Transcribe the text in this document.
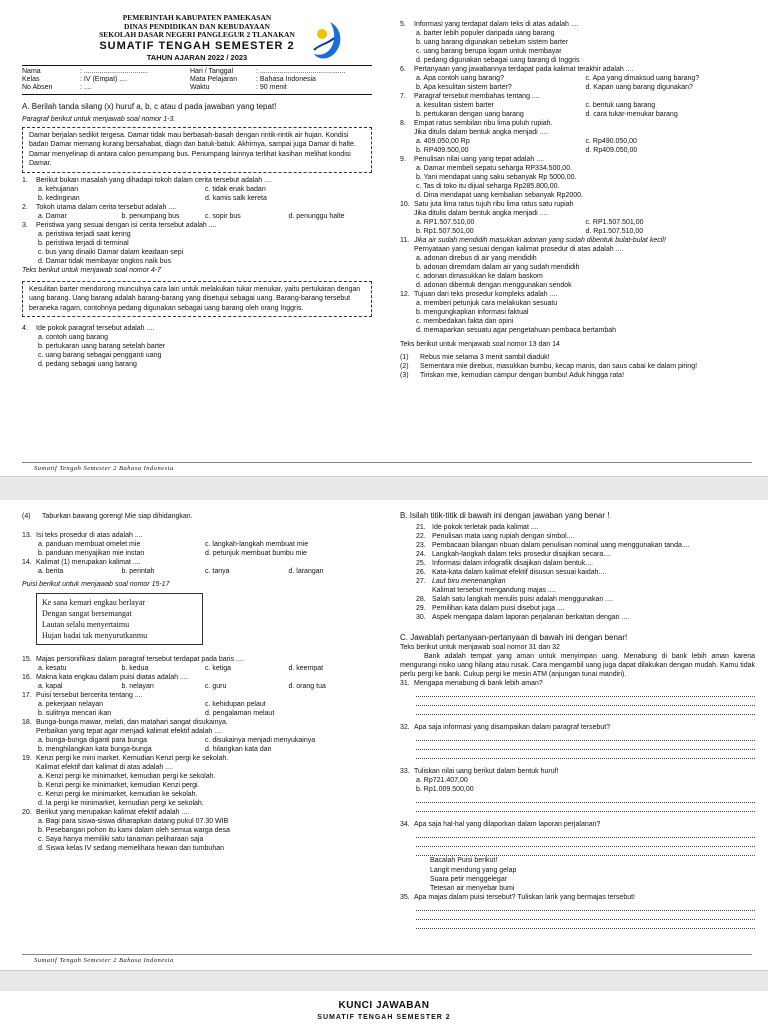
PEMERINTAH KABUPATEN PAMEKASAN
DINAS PENDIDIKAN DAN KEBUDAYAAN
SEKOLAH DASAR NEGERI PANGLEGUR 2 TLANAKAN
SUMATIF TENGAH SEMESTER 2
TAHUN AJARAN 2022 / 2023
Nama	: .................................	Hari / Tanggal	: ............................................
Kelas	: IV (Empat) ....	Mata Pelajaran	: Bahasa Indonesia
No Absen	: ....	Waktu	: 90 menit
A. Berilah tanda silang (x) huruf a, b, c atau d pada jawaban yang tepat!
Paragraf berikut untuk menjawab soal nomor 1-3.
Damar berjalan sedikit tergesa. Damar tidak mau berbasah-basah dengan rintik-rintik air hujan. Kondisi badan Damar memang kurang bersahabat, diagn dan batuk-batuk. Akhirnya, sampai juga Damar di halte. Damar menyelinap di antara calon penumpang bus. Penumpang lainnya terlihat kasihan melihat kondisi Damar.
1.	Berikut bukan masalah yang dihadapi tokoh dalam cerita tersebut adalah ....
a. kehujanan	c. tidak enak badan
b. kedinginan	d. kamis salk kereta
2.	Tokoh utama dalam cerita tersebut adalah ....
a. Damar	b. penumpang bus	c. sopir bus	d. penunggu halte
3.	Peristiwa yang sesuai dengan isi cerita tersebut adalah ....
a. peristiwa terjadi saat kering
b. peristiwa terjadi di terminal
c. bus yang dinaiki Damar dalam keadaan sepi
d. Damar tidak membayar ongkos naik bus
Teks berikut untuk menjawab soal nomor 4-7
Kesulitan barter mendorong munculnya cara lain untuk melakukan tukar menukar, yaitu pertukaran dengan uang barang. Uang barang adalah barang-barang yang disetujui sebagai uang. Barang-barang tersebut beraneka ragam, contohnya pedang digunakan sebagai uang barang oleh orang Inggris.
4.	Ide pokok paragraf tersebut adalah ....
a. contoh uang barang
b. pertukaran uang barang setelah barter
c. uang barang sebagai pengganti uang
d. pedang sebagai uang barang
5.	Informasi yang terdapat dalam teks di atas adalah ....
a. barter lebih populer daripada uang barang
b. uang barang digunakan sebelum sistem barter
c. uang barang berupa logam untuk membayar
d. pedang digunakan sebagai uang barang di Inggris
6.	Pertanyaan yang jawabannya terdapat pada kalimat terakhir adalah ....
a. Apa contoh uang barang?	c. Apa yang dimaksud uang barang?
b. Apa kesulitan sistem barter?	d. Kapan uang barang digunakan?
7.	Paragraf tersebut membahas tentang ....
a. kesulitan sistem barter	c. bentuk uang barang
b. pertukaran dengan uang barang	d. cara tukar-menukar barang
8.	Empat ratus sembilan ribu lima puluh rupiah.
Jika ditulis dalam bentuk angka menjadi ....
a. 409.050,00 Rp	c. Rp490.050,00
b. RP409.500,00	d. Rp409.050,00
9.	Penulisan nilai uang yang tepat adalah ....
a. Damar membeli sepatu seharga RP334.500,00.
b. Yani mendapat uang saku sebanyak Rp 5000,00.
c. Tas di toko itu dijual seharga Rp285.800,00.
d. Dina mendapat uang kembalian sebanyak Rp2000.
10. Satu juta lima ratus tujuh ribu lima ratus satu rupiah
Jika ditulis dalam bentuk angka menjadi ....
a. RP1.507.510,00	c. RP1.507.501,00
b. Rp1.507.501,00	d. Rp1.507.510,00
11. Jika air sudah mendidih masukkan adonan yang sudah dibentuk bulat-bulat kecil!
Pernyataan yang sesuai dengan kalimat prosedur di atas adalah ....
a. adonan direbus di air yang mendidih
b. adonan diremdam dalam air yang sudah mendidih
c. adonan dimasukkan ke dalam baskom
d. adonan dibentuk dengan menggunakan sendok
12. Tujuan dari teks prosedur kompleks adalah ....
a. memberi petunjuk cara melakukan sesuatu
b. mengungkapkan informasi faktual
c. membedakan fakta dan opini
d. memaparkan sesuatu agar pengetahuan pembaca bertambah
Teks berikut untuk menjawab soal nomor 13 dan 14
(1)	Rebus mie selama 3 menit sambil diaduk!
(2)	Sementara mie direbus, masukkan bumbu, kecap manis, dan saus cabai ke dalam piring!
(3)	Tiriskan mie, kemudian campur dengan bumbu! Aduk hingga rata!
Sumatif Tengah Semester 2 Bahasa Indonesia
(4)	Taburkan bawang goreng! Mie siap dihidangkan.
13. Isi teks prosedur di atas adalah ....
a. panduan membuat omelet mie	c. langkah-langkah membuat mie
b. panduan menyajikan mie instan	d. petunjuk membuat bumbu mie
14. Kalimat (1) merupakan kalimat ....
a. berita	b. perintah	c. tanya	d. larangan
Puisi berikut untuk menjawab soal nomor 15-17
Ke sana kemari engkau berlayar
Dengan sangat bersemangat
Lautan selalu menyertaimu
Hujan badai tak menyurutkanmu
15. Majas personifikasi dalam paragraf tersebut terdapat pada baris ....
a. kesatu	b. kedua	c. ketiga	d. keempat
16. Makna kata engkau dalam puisi diatas adalah ....
a. kapal	b. nelayan	c. guru	d. orang tua
17. Puisi tersebut bercerita tentang ....
a. pekerjaan nelayan	c. kehidupan pelaut
b. sulitnya mencari ikan	d. pengalaman melaut
18. Bunga-bunga mawar, melati, dan matahari sangat disukainya.
Perbaikan yang tepat agar menjadi kalimat efektif adalah ....
a. bunga-bunga diganti para bunga	c. disukainya menjadi menyukainya
b. menghilangkan kata bunga-bunga	d. hilangkan kata dan
19. Kenzi pergi ke mini market. Kemudian Kenzi pergi ke sekolah.
Kalimat efektif dari kalimat di atas adalah ....
a. Kenzi pergi ke minimarket, kemudian pergi ke sekolah.
b. Kenzi pergi ke minimarket, kemudian Kenzi pergi.
c. Kenzi pergi ke minimarket, kemudian ke sekolah.
d. Ia pergi ke minimarket, kemudian pergi ke sekolah.
20. Berikut yang merupakan kalimat efektif adalah ....
a. Bagi para siswa-siswa diharapkan datang pukul 07.30 WIB
b. Pesebangan pohon itu kami dalam oleh semua warga desa
c. Saya hanya memiliki satu tanaman peliharaan saja
d. Siswa kelas IV sedang memelihara hewan dan tumbuhan
B. Isilah titik-titik di bawah ini dengan jawaban yang benar !
21. Ide pokok terletak pada kalimat ....
22. Penulisan mata uang rupiah dengan simbol....
23. Pembacaan bilangan ribuan dalam penulisan nominal uang menggunakan tanda....
24. Langkah-langkah dalam teks prosedur disajikan secara....
25. Informasi dalam infografik disajikan dalam bentuk....
26. Kata-kata dalam kalimat efektif disusun sesuai kaidah....
27. Laut biru menenangkan
Kalimat tersebut mengandung majas ....
28. Salah satu langkah menulis puisi adalah menggunakan ....
29. Pemilihan kata dalam puisi disebut juga ....
30. Aspek mengapa dalam laporan perjalanan berkaitan dengan ....
C. Jawablah pertanyaan-pertanyaan di bawah ini dengan benar!
Teks berikut untuk menjawab soal nomor 31 dan 32
Bank adalah tempat yang aman untuk menyimpan uang. Menabung di bank lebih aman karena mengurangi risiko uang hilang atau rusak. Cara mengambil uang juga dapat dilakukan dengan mudah. Kamu tidak perlu pergi ke bank. Cukup pergi ke mesin ATM (anjungan tunai mandiri).
31. Mengapa menabung di bank lebih aman?
32. Apa saja informasi yang disampaikan dalam paragraf tersebut?
33. Tuliskan nilai uang berikut dalam bentuk huruf!
a. Rp721.407,00
b. Rp1.009.500,00
34. Apa saja hal-hal yang dilaporkan dalam laporan perjalanan?
Bacalah Puisi berikut!
Langit mendung yang gelap
Suara petir menggelegar
Tetesan air menyebar bumi
35. Apa majas dalam puisi tersebut? Tuliskan larik yang bermajas tersebut!
Sumatif Tengah Semester 2 Bahasa Indonesia
KUNCI JAWABAN
SUMATIF TENGAH SEMESTER 2
